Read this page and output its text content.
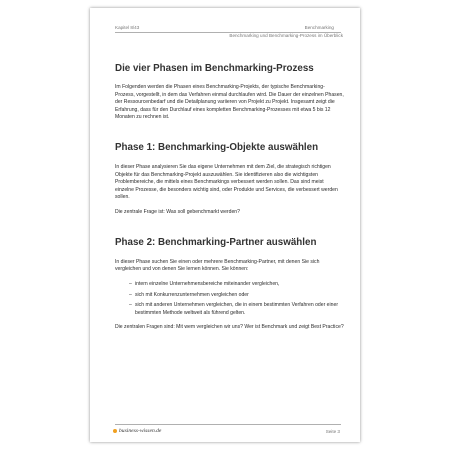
Kapitel 8/43	Benchmarking
Benchmarking und Benchmarking-Prozess im Überblick
Die vier Phasen im Benchmarking-Prozess

Im Folgenden werden die Phasen eines Benchmarking-Projekts, der typische Benchmarking-Prozess, vorgestellt, in dem das Verfahren einmal durchlaufen wird. Die Dauer der einzelnen Phasen, der Ressourcenbedarf und die Detailplanung variieren von Projekt zu Projekt. Insgesamt zeigt die Erfahrung, dass für den Durchlauf eines kompletten Benchmarking-Prozesses mit etwa 5 bis 12 Monaten zu rechnen ist.

Phase 1: Benchmarking-Objekte auswählen

In dieser Phase analysieren Sie das eigene Unternehmen mit dem Ziel, die strategisch richtigen Objekte für das Benchmarking-Projekt auszuwählen. Sie identifizieren also die wichtigsten Problembereiche, die mittels eines Benchmarkings verbessert werden sollen. Das sind meist einzelne Prozesse, die besonders wichtig sind, oder Produkte und Services, die verbessert werden sollen.

Die zentrale Frage ist: Was soll gebenchmarkt werden?

Phase 2: Benchmarking-Partner auswählen

In dieser Phase suchen Sie einen oder mehrere Benchmarking-Partner, mit denen Sie sich vergleichen und von denen Sie lernen können. Sie können:

– intern einzelne Unternehmensbereiche miteinander vergleichen,
– sich mit Konkurrenzunternehmen vergleichen oder
– sich mit anderen Unternehmen vergleichen, die in einem bestimmten Verfahren oder einer bestimmten Methode weltweit als führend gelten.

Die zentralen Fragen sind: Mit wem vergleichen wir uns? Wer ist Benchmark und zeigt Best Practice?

business-wissen.de	Seite 3
